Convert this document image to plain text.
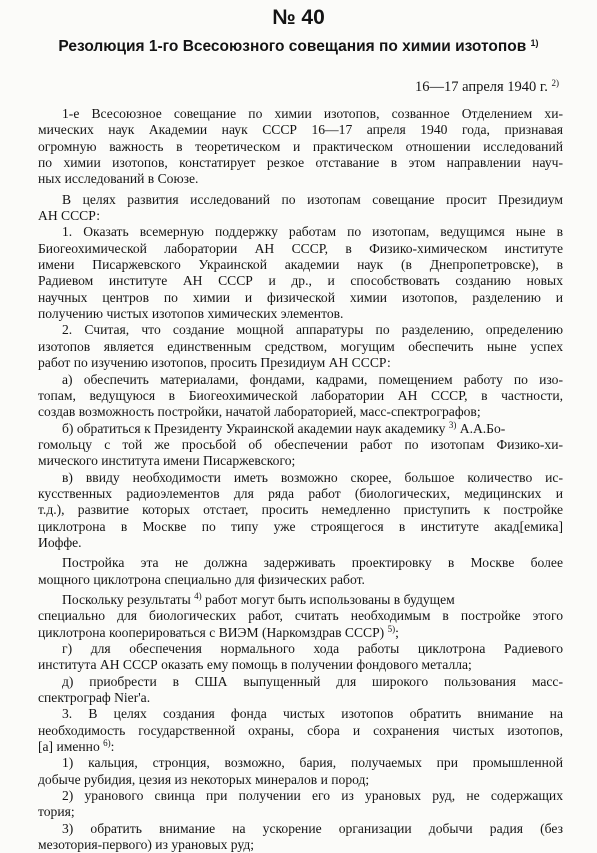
№ 40
Резолюция 1-го Всесоюзного совещания по химии изотопов $^{1)}$
16—17 апреля 1940 г. $^{2)}$
1-е Всесоюзное совещание по химии изотопов, созванное Отделением хи-
мических наук Академии наук СССР 16—17 апреля 1940 года, признавая
огромную важность в теоретическом и практическом отношении исследований
по химии изотопов, констатирует резкое отставание в этом направлении науч-
ных исследований в Союзе.
В целях развития исследований по изотопам совещание просит Президиум
АН СССР:
1. Оказать всемерную поддержку работам по изотопам, ведущимся ныне в
Биогеохимической лаборатории АН СССР, в Физико-химическом институте
имени Писаржевского Украинской академии наук (в Днепропетровске), в
Радиевом институте АН СССР и др., и способствовать созданию новых
научных центров по химии и физической химии изотопов, разделению и
получению чистых изотопов химических элементов.
2. Считая, что создание мощной аппаратуры по разделению, определению
изотопов является единственным средством, могущим обеспечить ныне успех
работ по изучению изотопов, просить Президиум АН СССР:
а) обеспечить материалами, фондами, кадрами, помещением работу по изо-
топам, ведущуюся в Биогеохимической лаборатории АН СССР, в частности,
создав возможность постройки, начатой лабораторией, масс-спектрографов;
б) обратиться к Президенту Украинской академии наук академику $^{3)}$ А.А.Бо-
гомольцу с той же просьбой об обеспечении работ по изотопам Физико-хи-
мического института имени Писаржевского;
в) ввиду необходимости иметь возможно скорее, большое количество ис-
кусственных радиоэлементов для ряда работ (биологических, медицинских и
т.д.), развитие которых отстает, просить немедленно приступить к постройке
циклотрона в Москве по типу уже строящегося в институте акад[емика]
Иоффе.
Постройка эта не должна задерживать проектировку в Москве более
мощного циклотрона специально для физических работ.
Поскольку результаты $^{4)}$ работ могут быть использованы в будущем
специально для биологических работ, считать необходимым в постройке этого
циклотрона кооперироваться с ВИЭМ (Наркомздрав СССР) $^{5)}$;
г) для обеспечения нормального хода работы циклотрона Радиевого
института АН СССР оказать ему помощь в получении фондового металла;
д) приобрести в США выпущенный для широкого пользования масс-
спектрограф Nier'a.
3. В целях создания фонда чистых изотопов обратить внимание на
необходимость государственной охраны, сбора и сохранения чистых изотопов,
[а] именно $^{6)}$:
1) кальция, стронция, возможно, бария, получаемых при промышленной
добыче рубидия, цезия из некоторых минералов и пород;
2) уранового свинца при получении его из урановых руд, не содержащих
тория;
3) обратить внимание на ускорение организации добычи радия (без
мезотория-первого) из урановых руд;
